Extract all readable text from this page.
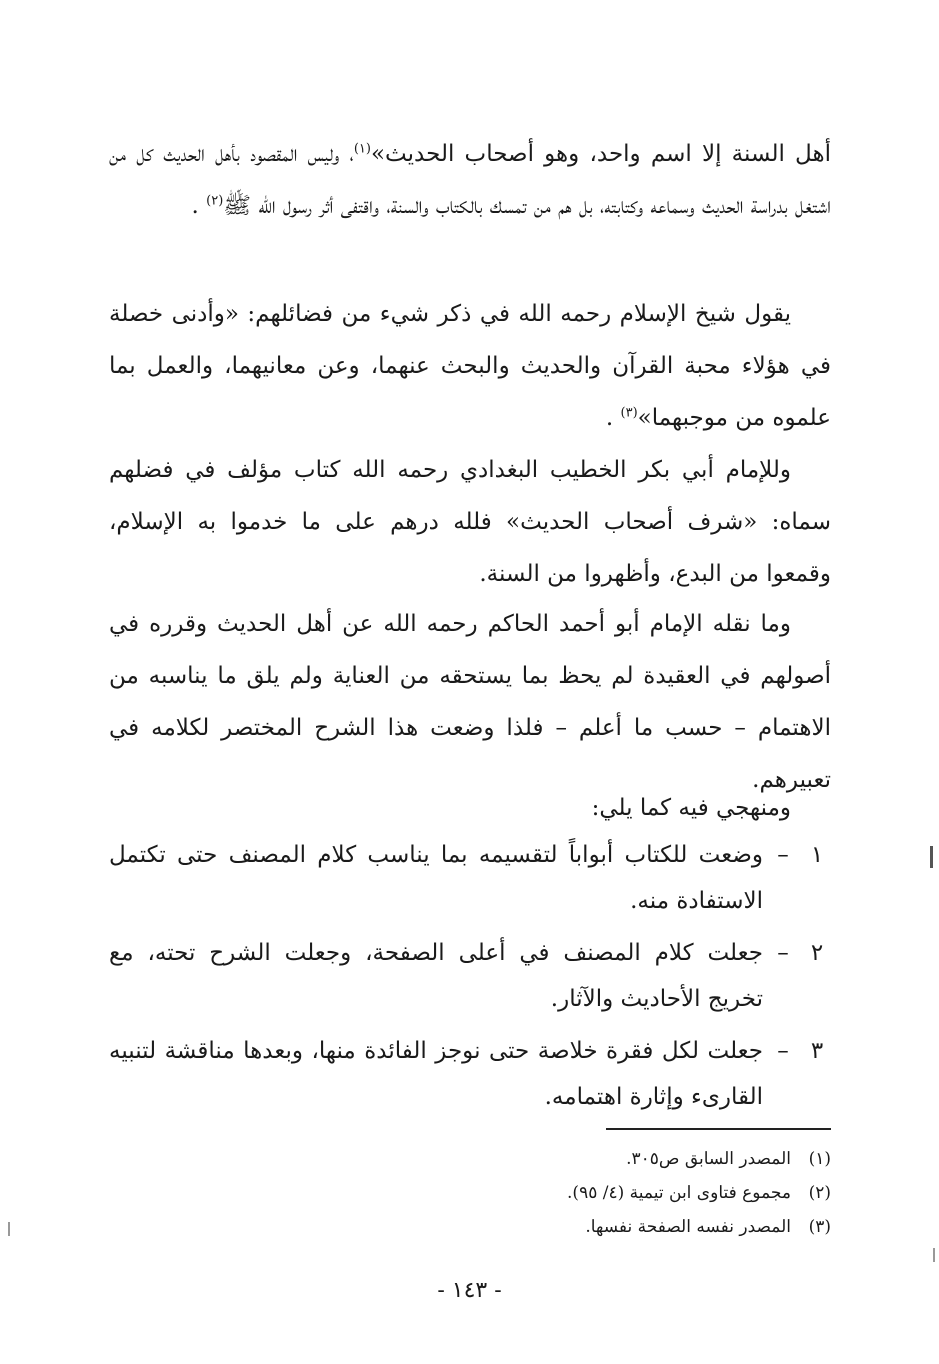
أهل السنة إلا اسم واحد، وهو أصحاب الحديث»$^{(١)}$، وليس المقصود بأهل الحديث كل من اشتغل بدراسة الحديث وسماعه وكتابته، بل هم من تمسك بالكتاب والسنة، واقتفى أثر رسول الله ﷺ$^{(٢)}$ .

يقول شيخ الإسلام رحمه الله في ذكر شيء من فضائلهم: «وأدنى خصلة في هؤلاء محبة القرآن والحديث والبحث عنهما، وعن معانيهما، والعمل بما علموه من موجبهما»$^{(٣)}$ .

وللإمام أبي بكر الخطيب البغدادي رحمه الله كتاب مؤلف في فضلهم سماه: «شرف أصحاب الحديث» فلله درهم على ما خدموا به الإسلام، وقمعوا من البدع، وأظهروا من السنة.

وما نقله الإمام أبو أحمد الحاكم رحمه الله عن أهل الحديث وقرره في أصولهم في العقيدة لم يحظ بما يستحقه من العناية ولم يلق ما يناسبه من الاهتمام – حسب ما أعلم – فلذا وضعت هذا الشرح المختصر لكلامه في تعبيرهم.

ومنهجي فيه كما يلي:

١
–
وضعت للكتاب أبواباً لتقسيمه بما يناسب كلام المصنف حتى تكتمل الاستفادة منه.
٢
–
جعلت كلام المصنف في أعلى الصفحة، وجعلت الشرح تحته، مع تخريج الأحاديث والآثار.
٣
–
جعلت لكل فقرة خلاصة حتى نوجز الفائدة منها، وبعدها مناقشة لتنبيه القارىء وإثارة اهتمامه.
(١)
المصدر السابق ص٣٠٥.
(٢)
مجموع فتاوى ابن تيمية (٤/ ٩٥).
(٣)
المصدر نفسه الصفحة نفسها.
- ١٤٣ -
